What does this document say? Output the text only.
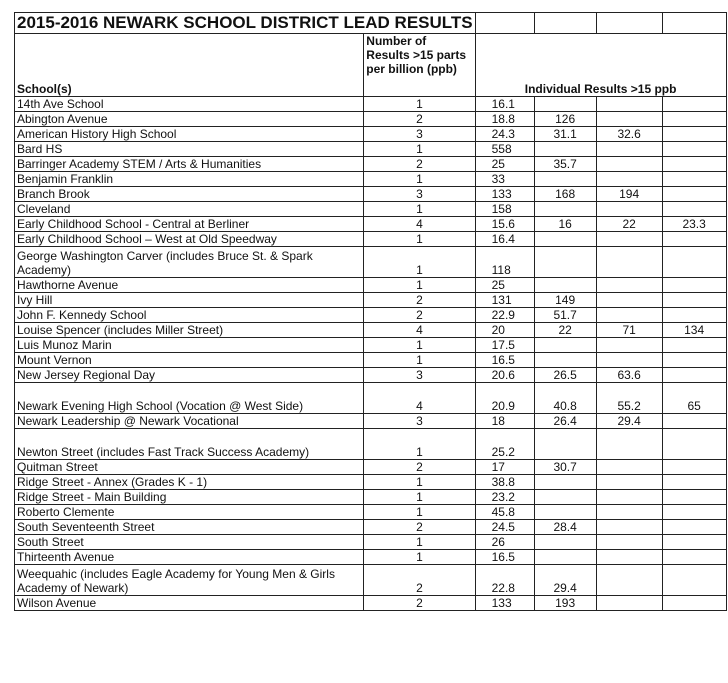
2015-2016 NEWARK SCHOOL DISTRICT LEAD RESULTS					
School(s)	Number of Results >15 parts per billion (ppb)	Individual Results >15 ppb			
14th Ave School	1	16.1			
Abington Avenue	2	18.8	126		
American History High School	3	24.3	31.1	32.6	
Bard HS	1	558			
Barringer Academy STEM / Arts & Humanities	2	25	35.7		
Benjamin Franklin	1	33			
Branch Brook	3	133	168	194	
Cleveland	1	158			
Early Childhood School - Central at Berliner	4	15.6	16	22	23.3
Early Childhood School – West at Old Speedway	1	16.4			
George Washington Carver (includes Bruce St. & Spark Academy)	1	118			
Hawthorne Avenue	1	25			
Ivy Hill	2	131	149		
John F. Kennedy School	2	22.9	51.7		
Louise Spencer (includes Miller Street)	4	20	22	71	134
Luis Munoz Marin	1	17.5			
Mount Vernon	1	16.5			
New Jersey Regional Day	3	20.6	26.5	63.6	
Newark Evening High School (Vocation @ West Side)	4	20.9	40.8	55.2	65
Newark Leadership @ Newark Vocational	3	18	26.4	29.4	
Newton Street (includes Fast Track Success Academy)	1	25.2			
Quitman Street	2	17	30.7		
Ridge Street - Annex (Grades K - 1)	1	38.8			
Ridge Street - Main Building	1	23.2			
Roberto Clemente	1	45.8			
South Seventeenth Street	2	24.5	28.4		
South Street	1	26			
Thirteenth Avenue	1	16.5			
Weequahic (includes Eagle Academy for Young Men & Girls Academy of Newark)	2	22.8	29.4		
Wilson Avenue	2	133	193		
